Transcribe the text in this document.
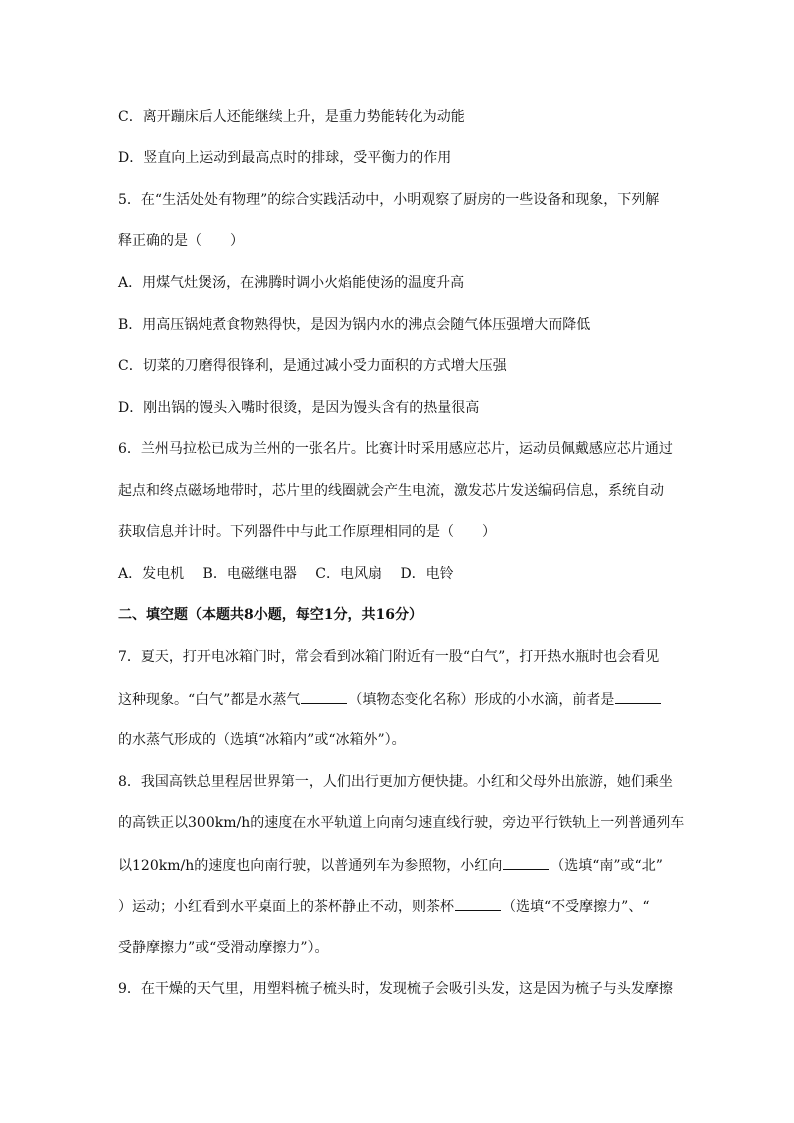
C．离开蹦床后人还能继续上升，是重力势能转化为动能
D．竖直向上运动到最高点时的排球，受平衡力的作用
5．在“生活处处有物理”的综合实践活动中，小明观察了厨房的一些设备和现象，下列解
释正确的是（　　）
A．用煤气灶煲汤，在沸腾时调小火焰能使汤的温度升高
B．用高压锅炖煮食物熟得快，是因为锅内水的沸点会随气体压强增大而降低
C．切菜的刀磨得很锋利，是通过减小受力面积的方式增大压强
D．刚出锅的馒头入嘴时很烫，是因为馒头含有的热量很高
6．兰州马拉松已成为兰州的一张名片。比赛计时采用感应芯片，运动员佩戴感应芯片通过
起点和终点磁场地带时，芯片里的线圈就会产生电流，激发芯片发送编码信息，系统自动
获取信息并计时。下列器件中与此工作原理相同的是（　　）
A．发电机　 B．电磁继电器　 C．电风扇　 D．电铃
二、填空题（本题共8小题，每空1分，共16分）
7．夏天，打开电冰箱门时，常会看到冰箱门附近有一股“白气”，打开热水瓶时也会看见
这种现象。“白气”都是水蒸气	（填物态变化名称）形成的小水滴，前者是
的水蒸气形成的（选填“冰箱内”或“冰箱外”）。
8．我国高铁总里程居世界第一，人们出行更加方便快捷。小红和父母外出旅游，她们乘坐
的高铁正以300km/h的速度在水平轨道上向南匀速直线行驶，旁边平行铁轨上一列普通列车
以120km/h的速度也向南行驶，以普通列车为参照物，小红向	（选填“南”或“北”
）运动；小红看到水平桌面上的茶杯静止不动，则茶杯	（选填“不受摩擦力”、“
受静摩擦力”或“受滑动摩擦力”）。
9．在干燥的天气里，用塑料梳子梳头时，发现梳子会吸引头发，这是因为梳子与头发摩擦
